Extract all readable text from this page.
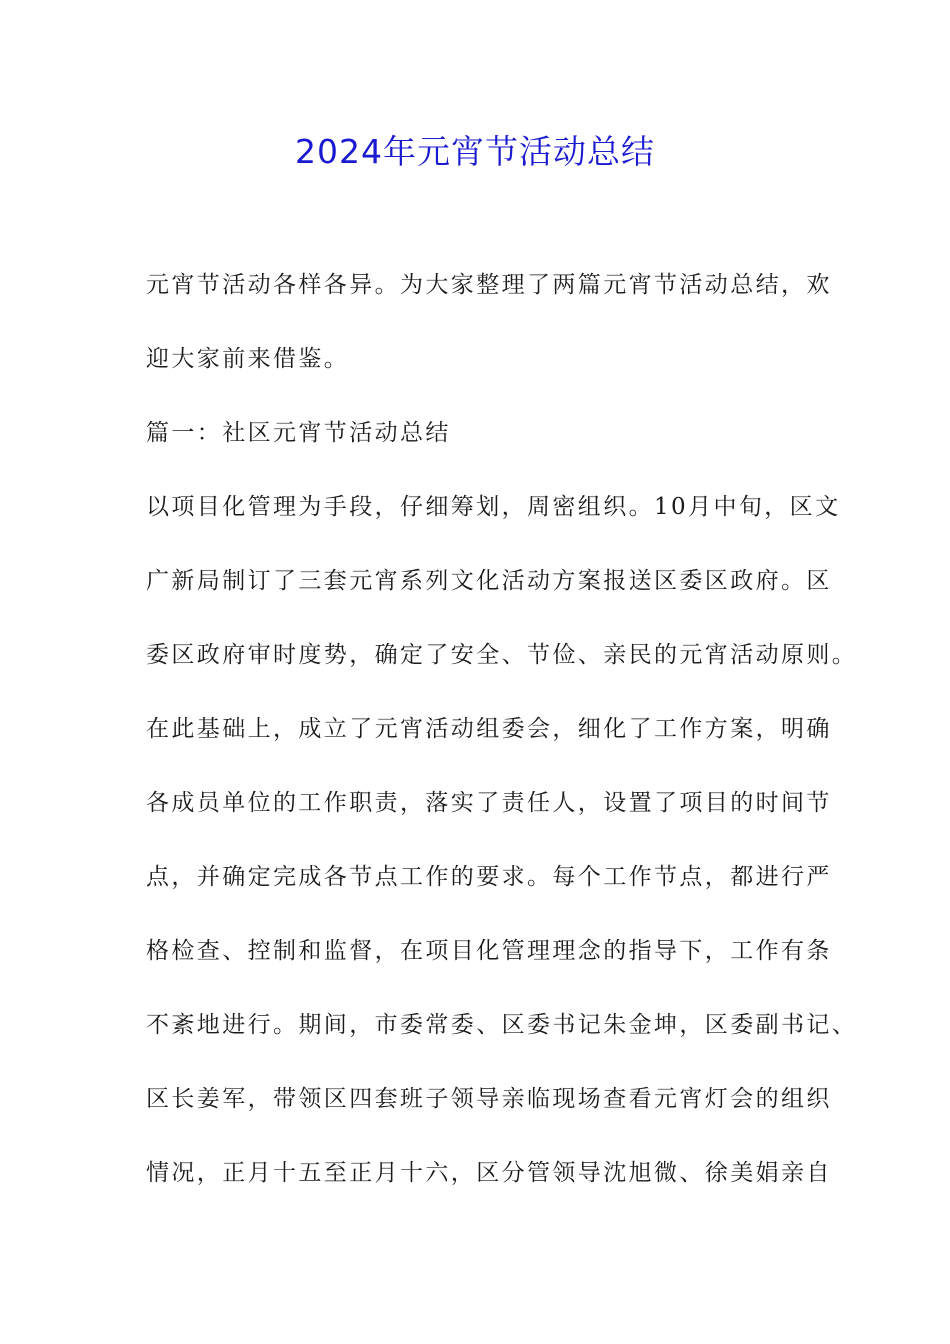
2024年元宵节活动总结
元宵节活动各样各异。为大家整理了两篇元宵节活动总结，欢
迎大家前来借鉴。
篇一：社区元宵节活动总结
以项目化管理为手段，仔细筹划，周密组织。10月中旬，区文
广新局制订了三套元宵系列文化活动方案报送区委区政府。区
委区政府审时度势，确定了安全、节俭、亲民的元宵活动原则。
在此基础上，成立了元宵活动组委会，细化了工作方案，明确
各成员单位的工作职责，落实了责任人，设置了项目的时间节
点，并确定完成各节点工作的要求。每个工作节点，都进行严
格检查、控制和监督，在项目化管理理念的指导下，工作有条
不紊地进行。期间，市委常委、区委书记朱金坤，区委副书记、
区长姜军，带领区四套班子领导亲临现场查看元宵灯会的组织
情况，正月十五至正月十六，区分管领导沈旭微、徐美娟亲自
